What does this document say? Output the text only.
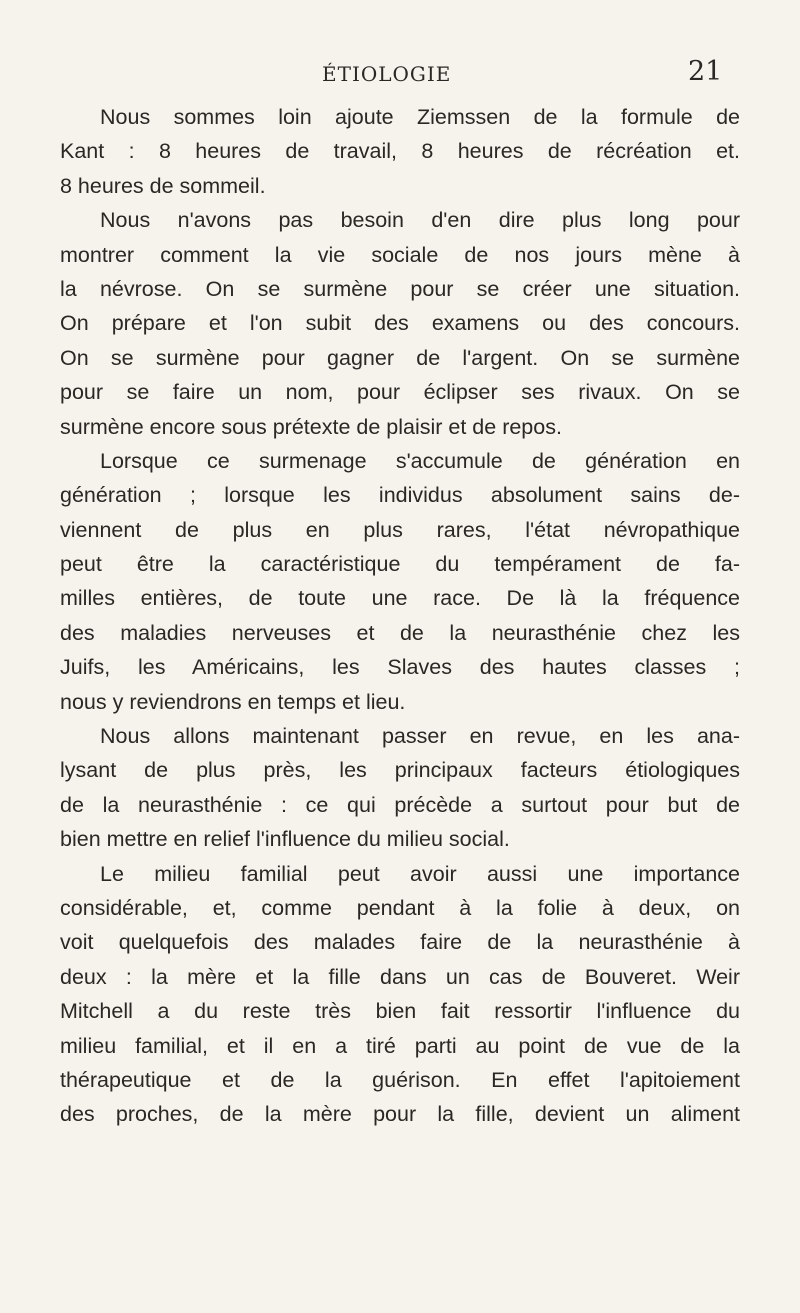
ÉTIOLOGIE	21
Nous sommes loin ajoute Ziemssen de la formule de
Kant : 8 heures de travail, 8 heures de récréation et.
8 heures de sommeil.
Nous n'avons pas besoin d'en dire plus long pour
montrer comment la vie sociale de nos jours mène à
la névrose. On se surmène pour se créer une situation.
On prépare et l'on subit des examens ou des concours.
On se surmène pour gagner de l'argent. On se surmène
pour se faire un nom, pour éclipser ses rivaux. On se
surmène encore sous prétexte de plaisir et de repos.
Lorsque ce surmenage s'accumule de génération en
génération ; lorsque les individus absolument sains de-
viennent de plus en plus rares, l'état névropathique
peut être la caractéristique du tempérament de fa-
milles entières, de toute une race. De là la fréquence
des maladies nerveuses et de la neurasthénie chez les
Juifs, les Américains, les Slaves des hautes classes ;
nous y reviendrons en temps et lieu.
Nous allons maintenant passer en revue, en les ana-
lysant de plus près, les principaux facteurs étiologiques
de la neurasthénie : ce qui précède a surtout pour but de
bien mettre en relief l'influence du milieu social.
Le milieu familial peut avoir aussi une importance
considérable, et, comme pendant à la folie à deux, on
voit quelquefois des malades faire de la neurasthénie à
deux : la mère et la fille dans un cas de Bouveret. Weir
Mitchell a du reste très bien fait ressortir l'influence du
milieu familial, et il en a tiré parti au point de vue de la
thérapeutique et de la guérison. En effet l'apitoiement
des proches, de la mère pour la fille, devient un aliment
